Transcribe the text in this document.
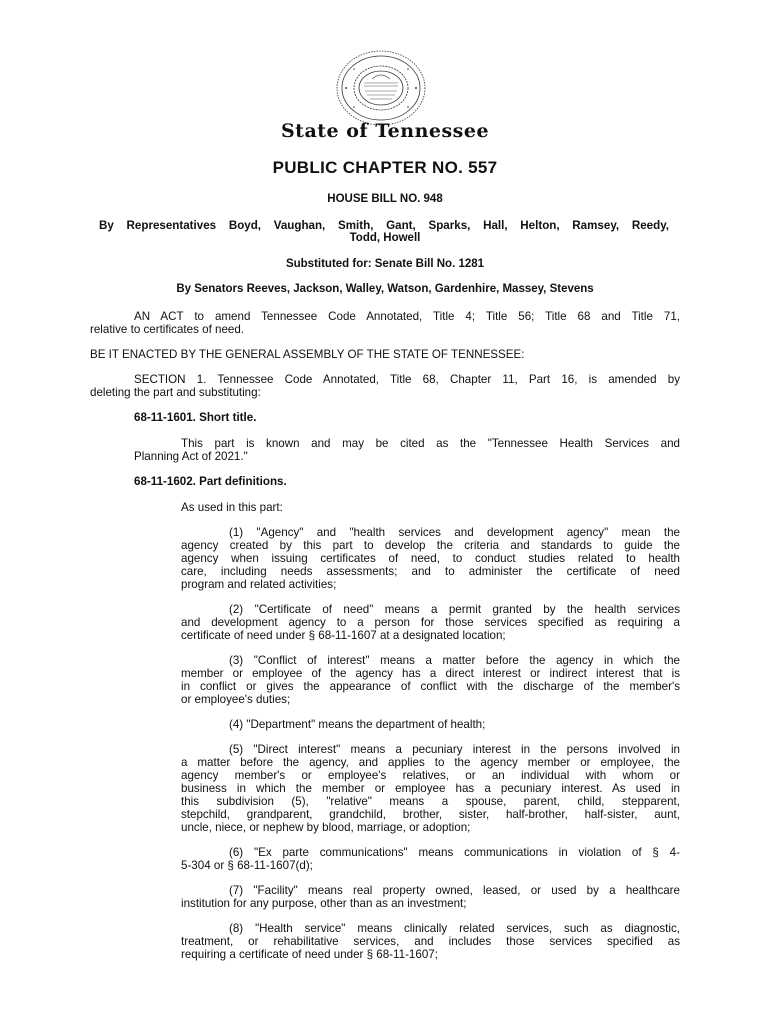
State of Tennessee
PUBLIC CHAPTER NO. 557
HOUSE BILL NO. 948
By Representatives Boyd, Vaughan, Smith, Gant, Sparks, Hall, Helton, Ramsey, Reedy,
Todd, Howell
Substituted for: Senate Bill No. 1281
By Senators Reeves, Jackson, Walley, Watson, Gardenhire, Massey, Stevens
AN ACT to amend Tennessee Code Annotated, Title 4; Title 56; Title 68 and Title 71,
relative to certificates of need.
BE IT ENACTED BY THE GENERAL ASSEMBLY OF THE STATE OF TENNESSEE:
SECTION 1. Tennessee Code Annotated, Title 68, Chapter 11, Part 16, is amended by
deleting the part and substituting:
68-11-1601. Short title.
This part is known and may be cited as the "Tennessee Health Services and
Planning Act of 2021."
68-11-1602. Part definitions.
As used in this part:
(1) "Agency" and "health services and development agency" mean the
agency created by this part to develop the criteria and standards to guide the
agency when issuing certificates of need, to conduct studies related to health
care, including needs assessments; and to administer the certificate of need
program and related activities;
(2) "Certificate of need" means a permit granted by the health services
and development agency to a person for those services specified as requiring a
certificate of need under § 68-11-1607 at a designated location;
(3) "Conflict of interest" means a matter before the agency in which the
member or employee of the agency has a direct interest or indirect interest that is
in conflict or gives the appearance of conflict with the discharge of the member's
or employee's duties;
(4) "Department" means the department of health;
(5) "Direct interest" means a pecuniary interest in the persons involved in
a matter before the agency, and applies to the agency member or employee, the
agency member's or employee's relatives, or an individual with whom or
business in which the member or employee has a pecuniary interest. As used in
this subdivision (5), "relative" means a spouse, parent, child, stepparent,
stepchild, grandparent, grandchild, brother, sister, half-brother, half-sister, aunt,
uncle, niece, or nephew by blood, marriage, or adoption;
(6) "Ex parte communications" means communications in violation of § 4-
5-304 or § 68-11-1607(d);
(7) "Facility" means real property owned, leased, or used by a healthcare
institution for any purpose, other than as an investment;
(8) "Health service" means clinically related services, such as diagnostic,
treatment, or rehabilitative services, and includes those services specified as
requiring a certificate of need under § 68-11-1607;
